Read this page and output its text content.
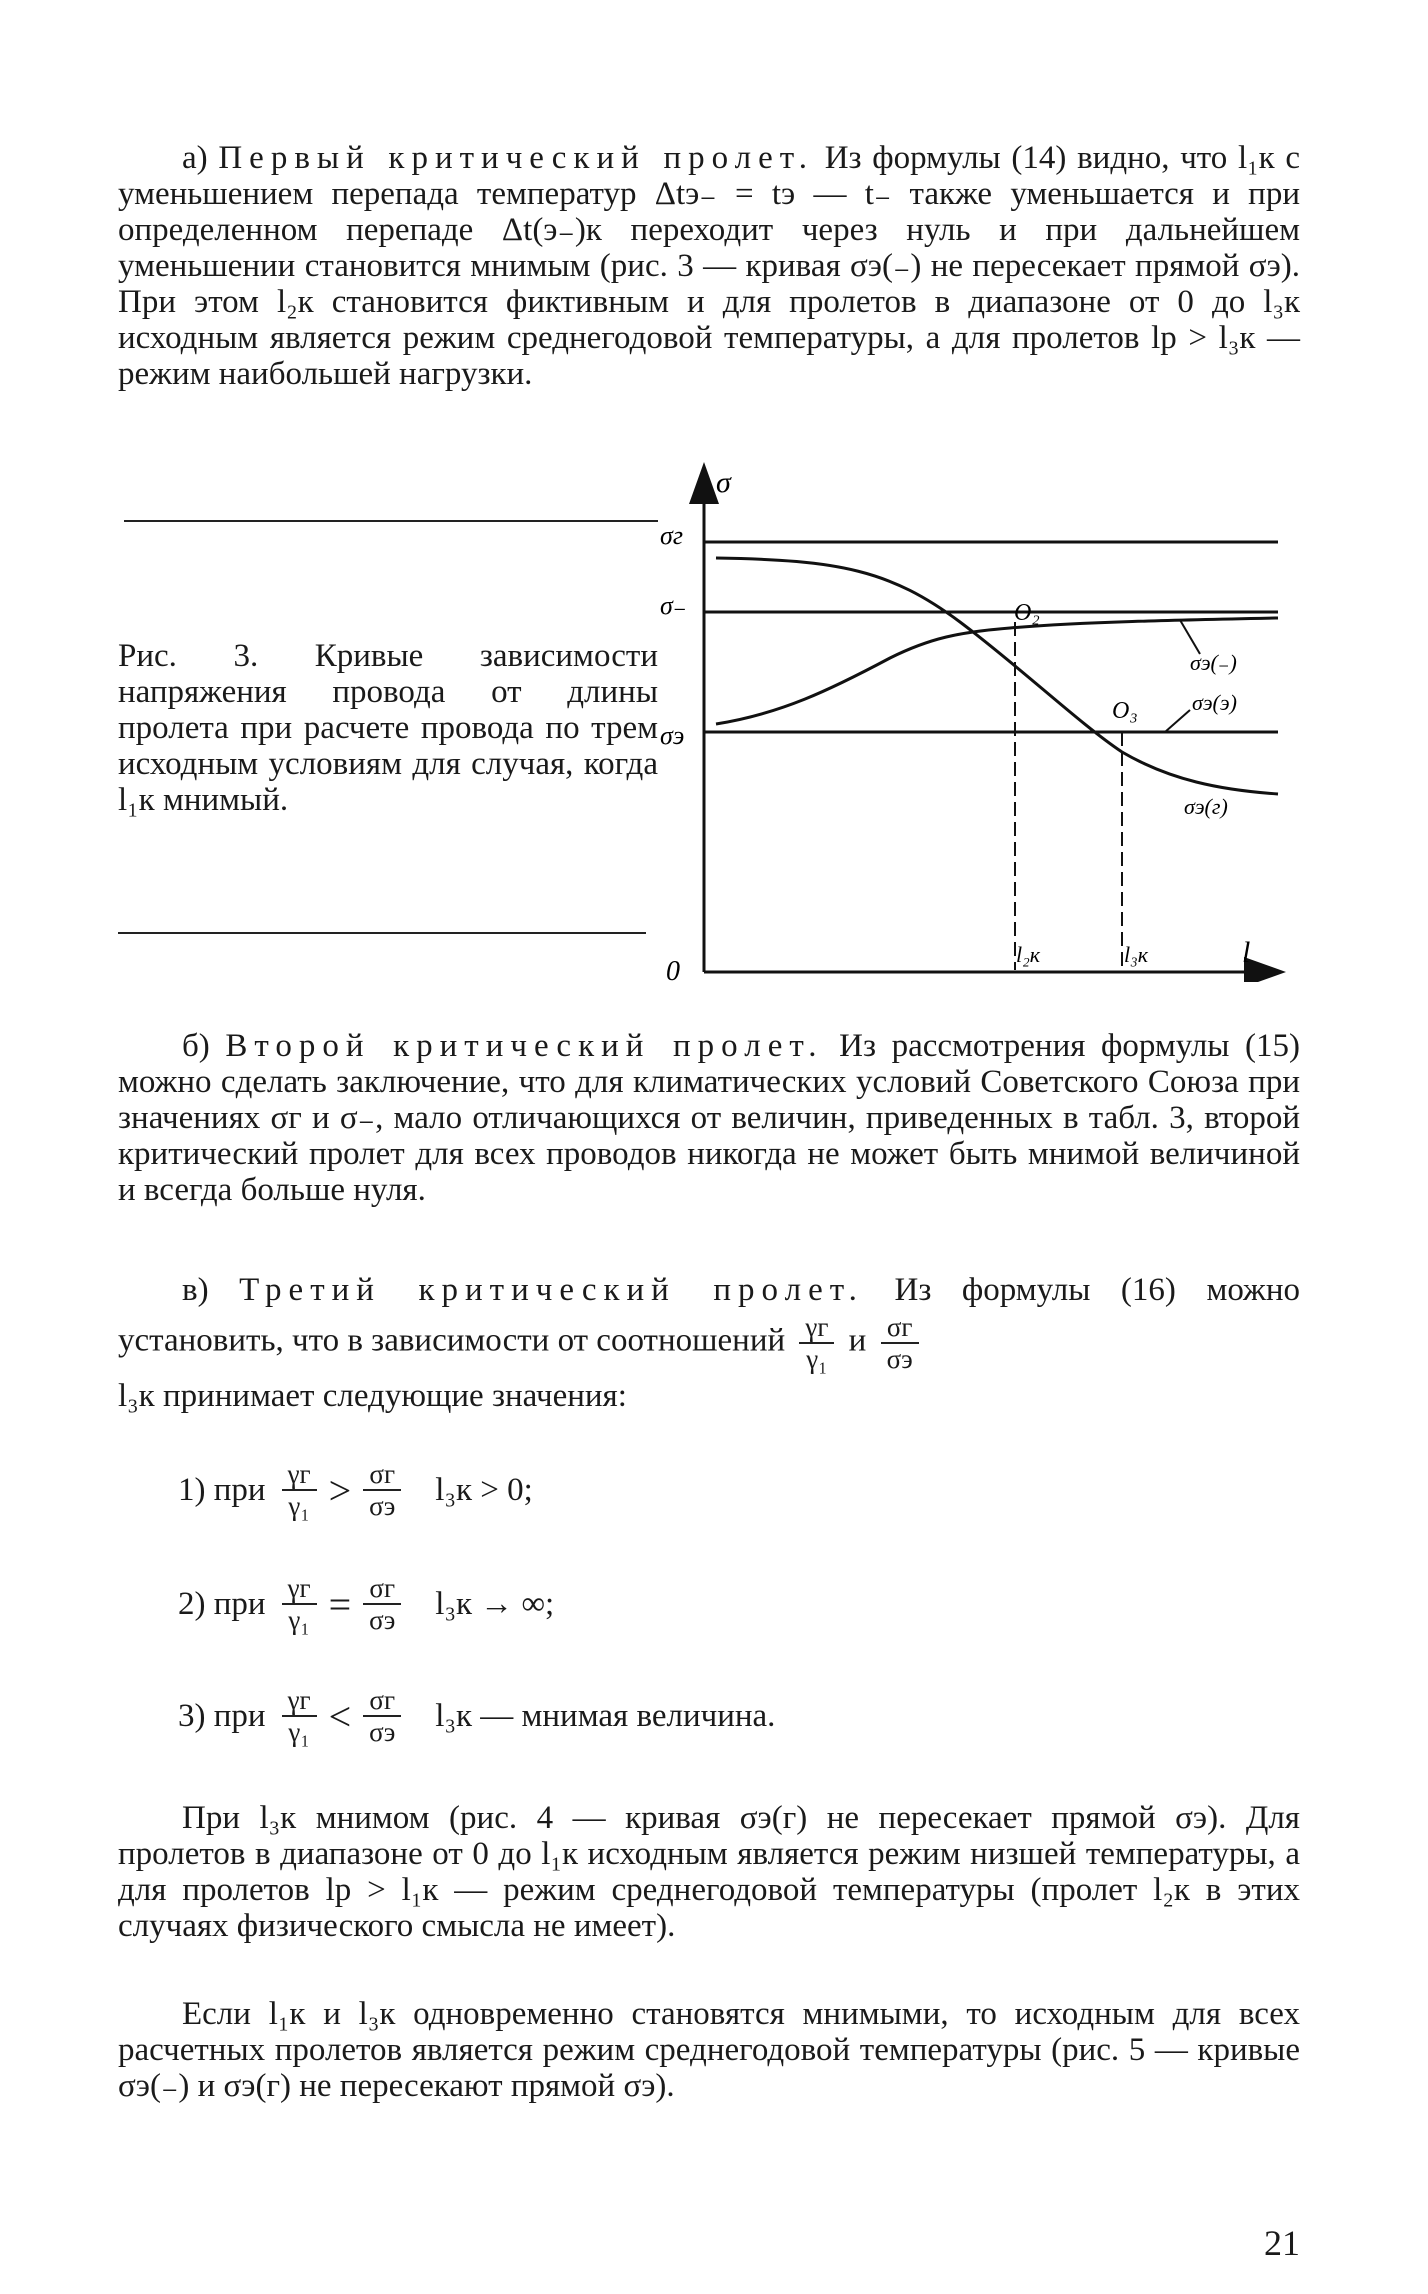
а) Первый критический пролет. Из формулы (14) видно, что l₁к с уменьшением перепада температур Δtэ₋ = tэ — t₋ также уменьшается и при определенном перепаде Δt(э₋)к переходит через нуль и при дальнейшем уменьшении становится мнимым (рис. 3 — кривая σэ(₋) не пересекает прямой σэ). При этом l₂к становится фиктивным и для пролетов в диапазоне от 0 до l₃к исходным является режим среднегодовой температуры, а для пролетов lр > l₃к — режим наибольшей нагрузки.
Рис. 3. Кривые зависимости напряжения провода от длины пролета при расчете провода по трем исходным условиям для случая, когда l₁к мнимый.
σ
l
0
σг
σ₋
σэ
O₂
O₃
l₂к	l₃к
σэ(₋)
σэ(э)
σэ(г)
б) Второй критический пролет. Из рассмотрения формулы (15) можно сделать заключение, что для климатических условий Советского Союза при значениях σг и σ₋, мало отличающихся от величин, приведенных в табл. 3, второй критический пролет для всех проводов никогда не может быть мнимой величиной и всегда больше нуля.
в) Третий критический пролет. Из формулы (16) можно установить, что в зависимости от соотношений $\frac{\gamma г}{\text{γ₁}}$ и $\frac{\sigma г}{\sigma э}$

l₃к принимает следующие значения:
1) при $\frac{\gamma г}{\text{γ₁}} > \frac{\sigma г}{\sigma э} l_3к > 0$;
2) при $\frac{\gamma г}{\text{γ₁}} = \frac{\sigma г}{\sigma э} l_3к$ → ∞;
3) при $\frac{\gamma г}{\text{γ₁}} < \frac{\sigma г}{\sigma э} l_3к$ — мнимая величина.
При l₃к мнимом (рис. 4 — кривая σэ(г) не пересекает прямой σэ). Для пролетов в диапазоне от 0 до l₁к исходным является режим низшей температуры, а для пролетов lр > l₁к — режим среднегодовой температуры (пролет l₂к в этих случаях физического смысла не имеет).
Если l₁к и l₃к одновременно становятся мнимыми, то исходным для всех расчетных пролетов является режим среднегодовой температуры (рис. 5 — кривые σэ(₋) и σэ(г) не пересекают прямой σэ).
21
